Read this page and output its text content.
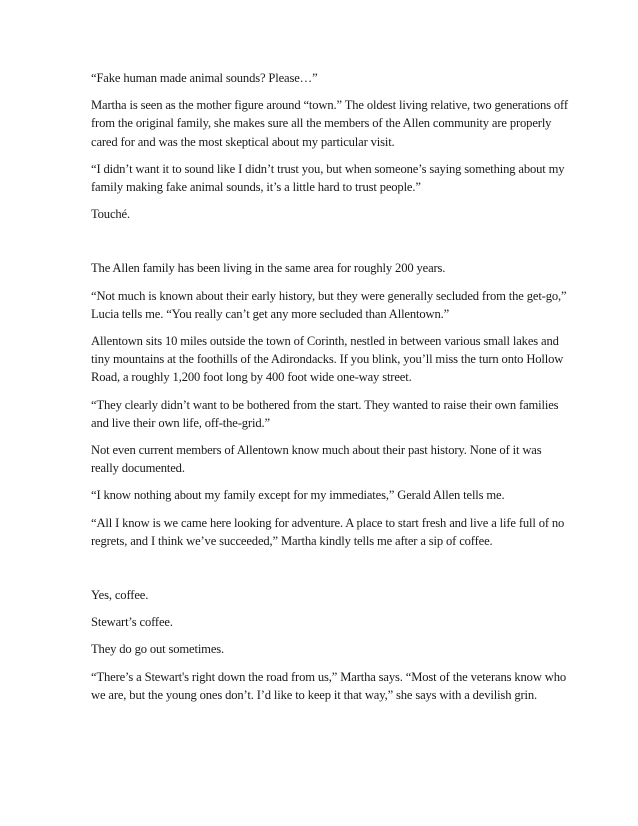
“Fake human made animal sounds? Please…”

Martha is seen as the mother figure around “town.” The oldest living relative, two generations off from the original family, she makes sure all the members of the Allen community are properly cared for and was the most skeptical about my particular visit.

“I didn’t want it to sound like I didn’t trust you, but when someone’s saying something about my family making fake animal sounds, it’s a little hard to trust people.”

Touché.

The Allen family has been living in the same area for roughly 200 years.

“Not much is known about their early history, but they were generally secluded from the get-go,” Lucia tells me. “You really can’t get any more secluded than Allentown.”

Allentown sits 10 miles outside the town of Corinth, nestled in between various small lakes and tiny mountains at the foothills of the Adirondacks. If you blink, you’ll miss the turn onto Hollow Road, a roughly 1,200 foot long by 400 foot wide one-way street.

“They clearly didn’t want to be bothered from the start. They wanted to raise their own families and live their own life, off-the-grid.”

Not even current members of Allentown know much about their past history. None of it was really documented.

“I know nothing about my family except for my immediates,” Gerald Allen tells me.

“All I know is we came here looking for adventure. A place to start fresh and live a life full of no regrets, and I think we’ve succeeded,” Martha kindly tells me after a sip of coffee.

Yes, coffee.

Stewart’s coffee.

They do go out sometimes.

“There’s a Stewart's right down the road from us,” Martha says. “Most of the veterans know who we are, but the young ones don’t. I’d like to keep it that way,” she says with a devilish grin.
